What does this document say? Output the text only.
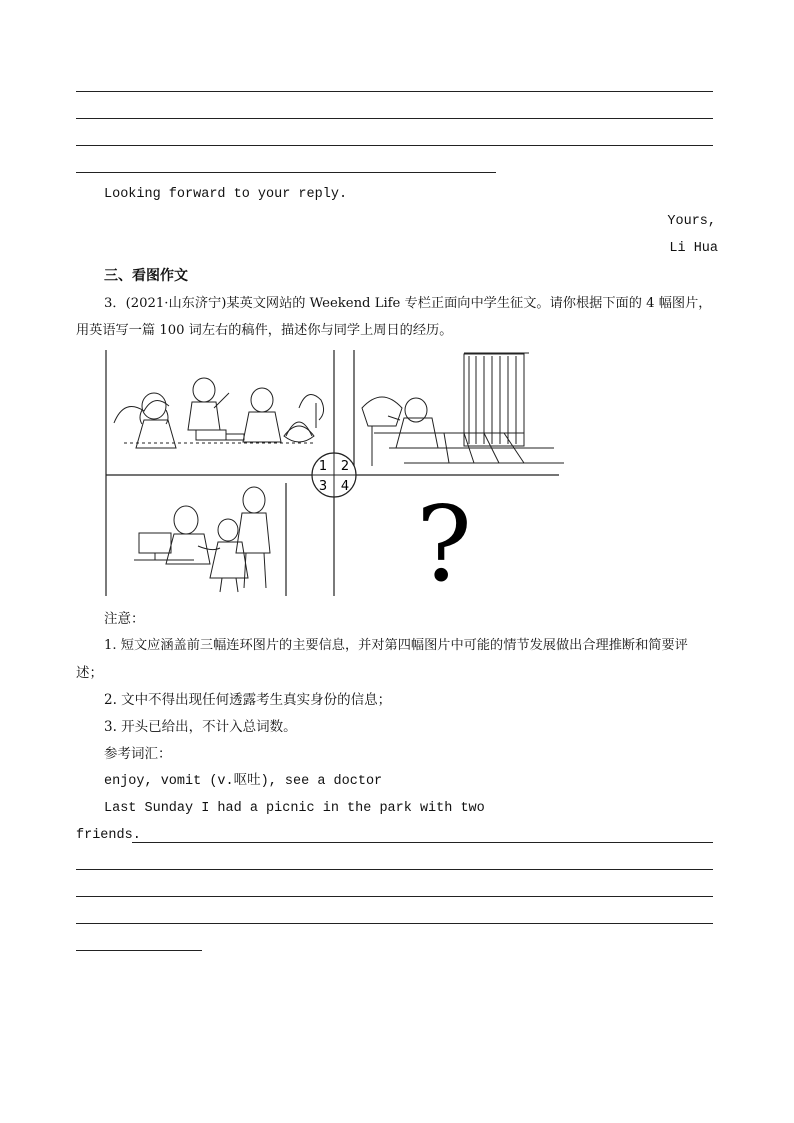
Looking forward to your reply.
Yours,
Li Hua
三、看图作文
3．(2021·山东济宁)某英文网站的 Weekend Life 专栏正面向中学生征文。请你根据下面的 4 幅图片，
用英语写一篇 100 词左右的稿件，描述你与同学上周日的经历。
1 2
3 4 ?
注意：
1. 短文应涵盖前三幅连环图片的主要信息，并对第四幅图片中可能的情节发展做出合理推断和简要评
述；
2. 文中不得出现任何透露考生真实身份的信息；
3. 开头已给出，不计入总词数。
参考词汇：
enjoy, vomit (v.呕吐), see a doctor
Last Sunday I had a picnic in the park with two
friends.
